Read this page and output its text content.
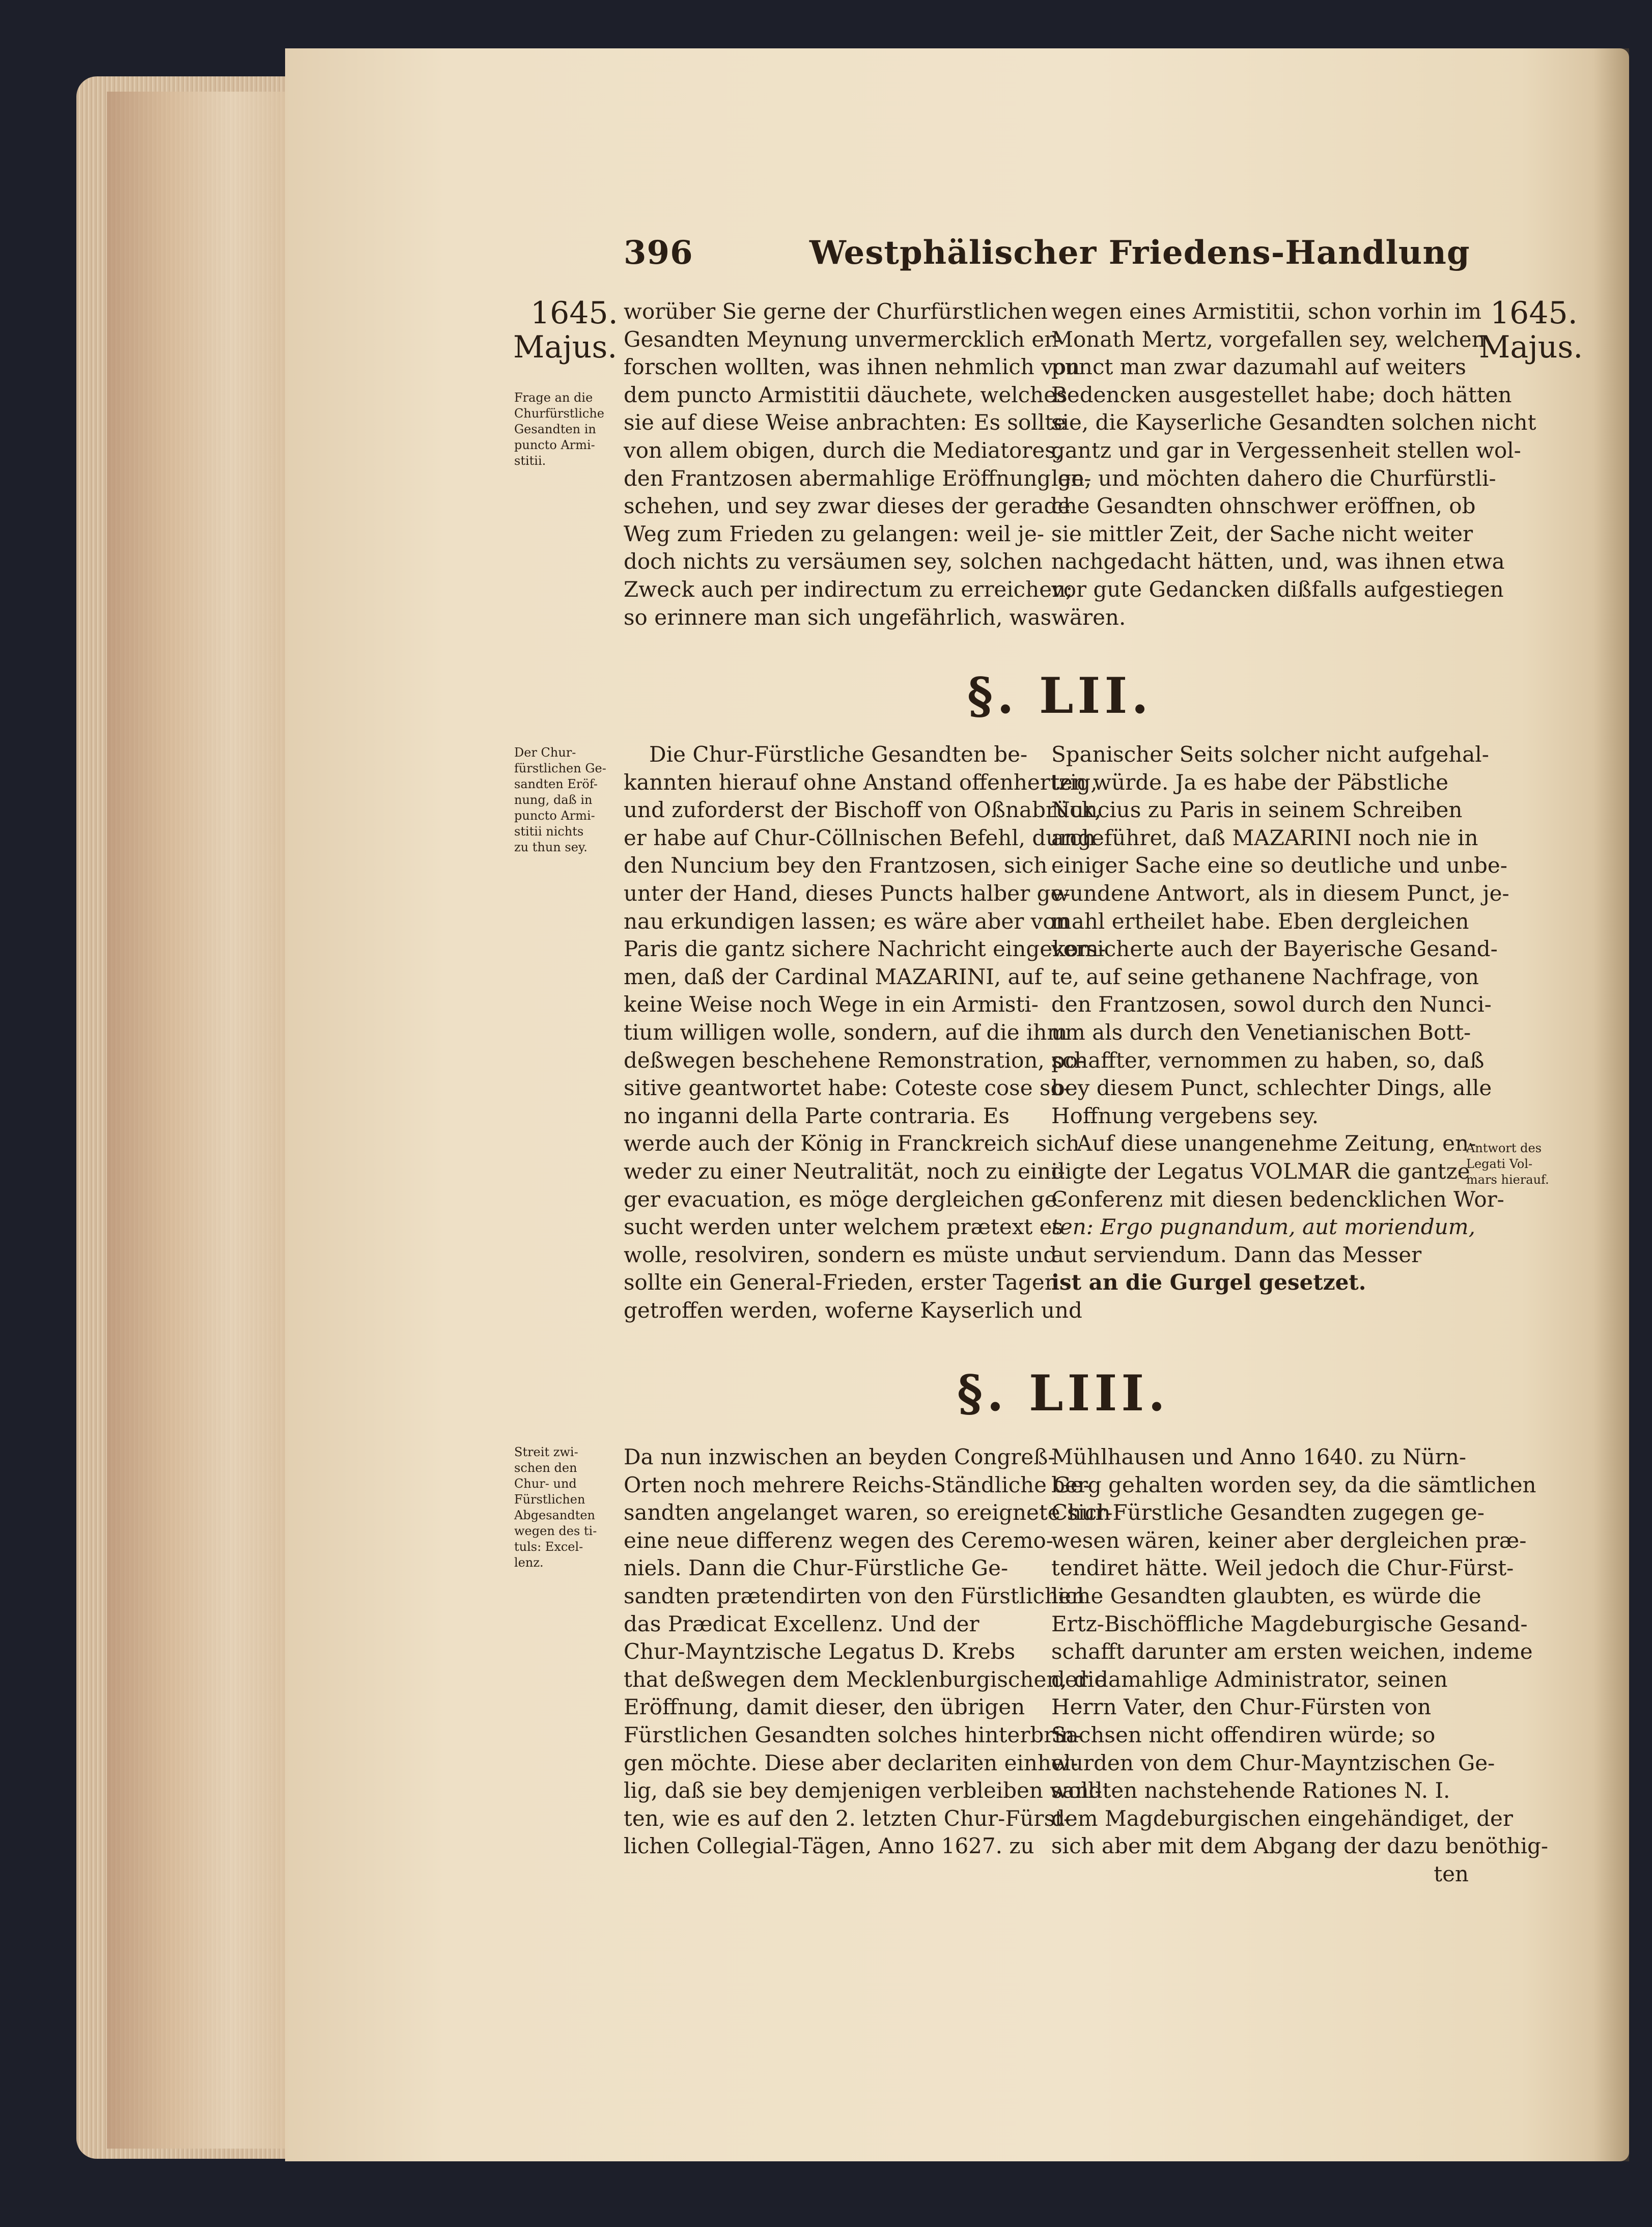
396	Westphälischer Friedens-Handlung
1645.
Majus.
1645.
Majus.
Frage an die
Churfürstliche
Gesandten in
puncto Armi-
stitii.
Der Chur-
fürstlichen Ge-
sandten Eröf-
nung, daß in
puncto Armi-
stitii nichts
zu thun sey.
Antwort des
Legati Vol-
mars hierauf.
Streit zwi-
schen den
Chur- und
Fürstlichen
Abgesandten
wegen des ti-
tuls: Excel-
lenz.
worüber Sie gerne der Churfürstlichen
Gesandten Meynung unvermercklich er-
forschen wollten, was ihnen nehmlich von
dem puncto Armistitii däuchete, welches
sie auf diese Weise anbrachten: Es sollte
von allem obigen, durch die Mediatores,
den Frantzosen abermahlige Eröffnung ge-
schehen, und sey zwar dieses der gerade
Weg zum Frieden zu gelangen: weil je-
doch nichts zu versäumen sey, solchen
Zweck auch per indirectum zu erreichen;
so erinnere man sich ungefährlich, was
wegen eines Armistitii, schon vorhin im
Monath Mertz, vorgefallen sey, welchen
punct man zwar dazumahl auf weiters
Bedencken ausgestellet habe; doch hätten
sie, die Kayserliche Gesandten solchen nicht
gantz und gar in Vergessenheit stellen wol-
len, und möchten dahero die Churfürstli-
che Gesandten ohnschwer eröffnen, ob
sie mittler Zeit, der Sache nicht weiter
nachgedacht hätten, und, was ihnen etwa
vor gute Gedancken dißfalls aufgestiegen
wären.
§. LII.
Die Chur-Fürstliche Gesandten be-
kannten hierauf ohne Anstand offenhertzig,
und zuforderst der Bischoff von Oßnabrück,
er habe auf Chur-Cöllnischen Befehl, durch
den Nuncium bey den Frantzosen, sich
unter der Hand, dieses Puncts halber ge-
nau erkundigen lassen; es wäre aber von
Paris die gantz sichere Nachricht eingekom-
men, daß der Cardinal MAZARINI, auf
keine Weise noch Wege in ein Armisti-
tium willigen wolle, sondern, auf die ihm
deßwegen beschehene Remonstration, po-
sitive geantwortet habe: Coteste cose so-
no inganni della Parte contraria. Es
werde auch der König in Franckreich sich
weder zu einer Neutralität, noch zu eini-
ger evacuation, es möge dergleichen ge-
sucht werden unter welchem prætext es
wolle, resolviren, sondern es müste und
sollte ein General-Frieden, erster Tagen
getroffen werden, woferne Kayserlich und
Spanischer Seits solcher nicht aufgehal-
ten würde. Ja es habe der Päbstliche
Nuncius zu Paris in seinem Schreiben
angeführet, daß MAZARINI noch nie in
einiger Sache eine so deutliche und unbe-
wundene Antwort, als in diesem Punct, je-
mahl ertheilet habe. Eben dergleichen
versicherte auch der Bayerische Gesand-
te, auf seine gethanene Nachfrage, von
den Frantzosen, sowol durch den Nunci-
um als durch den Venetianischen Bott-
schaffter, vernommen zu haben, so, daß
bey diesem Punct, schlechter Dings, alle
Hoffnung vergebens sey.
Auf diese unangenehme Zeitung, en-
digte der Legatus VOLMAR die gantze
Conferenz mit diesen bedencklichen Wor-
ten: Ergo pugnandum, aut moriendum,
aut serviendum. Dann das Messer
ist an die Gurgel gesetzet.
§. LIII.
Da nun inzwischen an beyden Congreß-
Orten noch mehrere Reichs-Ständliche Ge-
sandten angelanget waren, so ereignete sich
eine neue differenz wegen des Ceremo-
niels. Dann die Chur-Fürstliche Ge-
sandten prætendirten von den Fürstlichen
das Prædicat Excellenz. Und der
Chur-Mayntzische Legatus D. Krebs
that deßwegen dem Mecklenburgischen, die
Eröffnung, damit dieser, den übrigen
Fürstlichen Gesandten solches hinterbrin-
gen möchte. Diese aber declariten einhel-
lig, daß sie bey demjenigen verbleiben woll-
ten, wie es auf den 2. letzten Chur-Fürst-
lichen Collegial-Tägen, Anno 1627. zu
Mühlhausen und Anno 1640. zu Nürn-
berg gehalten worden sey, da die sämtlichen
Chur-Fürstliche Gesandten zugegen ge-
wesen wären, keiner aber dergleichen præ-
tendiret hätte. Weil jedoch die Chur-Fürst-
liche Gesandten glaubten, es würde die
Ertz-Bischöffliche Magdeburgische Gesand-
schafft darunter am ersten weichen, indeme
der damahlige Administrator, seinen
Herrn Vater, den Chur-Fürsten von
Sachsen nicht offendiren würde; so
wurden von dem Chur-Mayntzischen Ge-
sandten nachstehende Rationes N. I.
dem Magdeburgischen eingehändiget, der
sich aber mit dem Abgang der dazu benöthig-
ten
